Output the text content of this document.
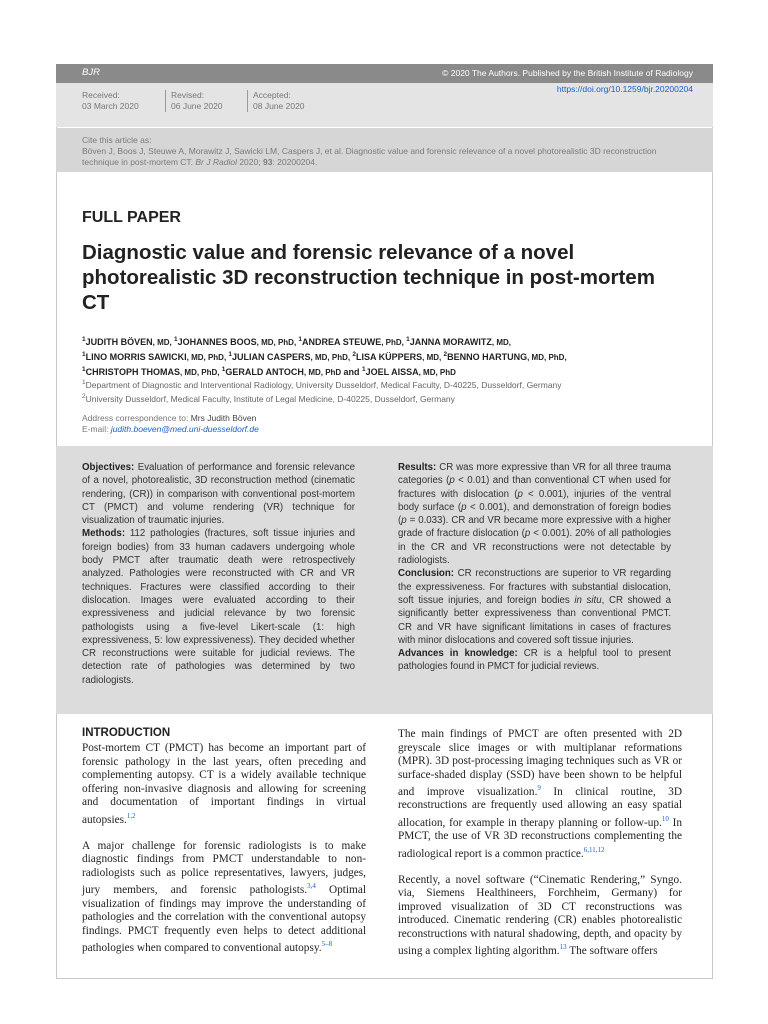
BJR	© 2020 The Authors. Published by the British Institute of Radiology
Received:
03 March 2020
Revised:
06 June 2020
Accepted:
08 June 2020
https://doi.org/10.1259/bjr.20200204
Cite this article as:
Böven J, Boos J, Steuwe A, Morawitz J, Sawicki LM, Caspers J, et al. Diagnostic value and forensic relevance of a novel photorealistic 3D reconstruction technique in post-mortem CT. Br J Radiol 2020; 93: 20200204.
FULL PAPER
Diagnostic value and forensic relevance of a novel photorealistic 3D reconstruction technique in post-mortem CT
$^1$JUDITH BÖVEN, MD, $^1$JOHANNES BOOS, MD, PhD, $^1$ANDREA STEUWE, PhD, $^1$JANNA MORAWITZ, MD,
$^1$LINO MORRIS SAWICKI, MD, PhD, $^1$JULIAN CASPERS, MD, PhD, $^2$LISA KÜPPERS, MD, $^2$BENNO HARTUNG, MD, PhD,
$^1$CHRISTOPH THOMAS, MD, PhD, $^1$GERALD ANTOCH, MD, PhD and $^1$JOEL AISSA, MD, PhD
$^1$Department of Diagnostic and Interventional Radiology, University Dusseldorf, Medical Faculty, D-40225, Dusseldorf, Germany
$^2$University Dusseldorf, Medical Faculty, Institute of Legal Medicine, D-40225, Dusseldorf, Germany
Address correspondence to: Mrs Judith Böven
E-mail: judith.boeven@med.uni-duesseldorf.de
Objectives: Evaluation of performance and forensic relevance of a novel, photorealistic, 3D reconstruction method (cinematic rendering, (CR)) in comparison with conventional post-mortem CT (PMCT) and volume rendering (VR) technique for visualization of traumatic injuries.
Methods: 112 pathologies (fractures, soft tissue injuries and foreign bodies) from 33 human cadavers undergoing whole body PMCT after traumatic death were retrospectively analyzed. Pathologies were reconstructed with CR and VR techniques. Fractures were classified according to their dislocation. Images were evaluated according to their expressiveness and judicial relevance by two forensic pathologists using a five-level Likert-scale (1: high expressiveness, 5: low expressiveness). They decided whether CR reconstructions were suitable for judicial reviews. The detection rate of pathologies was determined by two radiologists.
Results: CR was more expressive than VR for all three trauma categories (p < 0.01) and than conventional CT when used for fractures with dislocation (p < 0.001), injuries of the ventral body surface (p < 0.001), and demonstration of foreign bodies (p = 0.033). CR and VR became more expressive with a higher grade of fracture dislocation (p < 0.001). 20% of all pathologies in the CR and VR reconstructions were not detectable by radiologists.
Conclusion: CR reconstructions are superior to VR regarding the expressiveness. For fractures with substantial dislocation, soft tissue injuries, and foreign bodies in situ, CR showed a significantly better expressiveness than conventional PMCT. CR and VR have significant limitations in cases of fractures with minor dislocations and covered soft tissue injuries.
Advances in knowledge: CR is a helpful tool to present pathologies found in PMCT for judicial reviews.
INTRODUCTION

Post-mortem CT (PMCT) has become an important part of forensic pathology in the last years, often preceding and complementing autopsy. CT is a widely available technique offering non-invasive diagnosis and allowing for screening and documentation of important findings in virtual autopsies.$^{1,2}$

A major challenge for forensic radiologists is to make diagnostic findings from PMCT understandable to non-radiologists such as police representatives, lawyers, judges, jury members, and forensic pathologists.$^{3,4}$ Optimal visualization of findings may improve the understanding of pathologies and the correlation with the conventional autopsy findings. PMCT frequently even helps to detect additional pathologies when compared to conventional autopsy.$^{5-8}$

The main findings of PMCT are often presented with 2D greyscale slice images or with multiplanar reformations (MPR). 3D post-processing imaging techniques such as VR or surface-shaded display (SSD) have been shown to be helpful and improve visualization.$^9$ In clinical routine, 3D reconstructions are frequently used allowing an easy spatial allocation, for example in therapy planning or follow-up.$^{10}$ In PMCT, the use of VR 3D reconstructions complementing the radiological report is a common practice.$^{6,11,12}$

Recently, a novel software (“Cinematic Rendering,” Syngo. via, Siemens Healthineers, Forchheim, Germany) for improved visualization of 3D CT reconstructions was introduced. Cinematic rendering (CR) enables photorealistic reconstructions with natural shadowing, depth, and opacity by using a complex lighting algorithm.$^{13}$ The software offers
